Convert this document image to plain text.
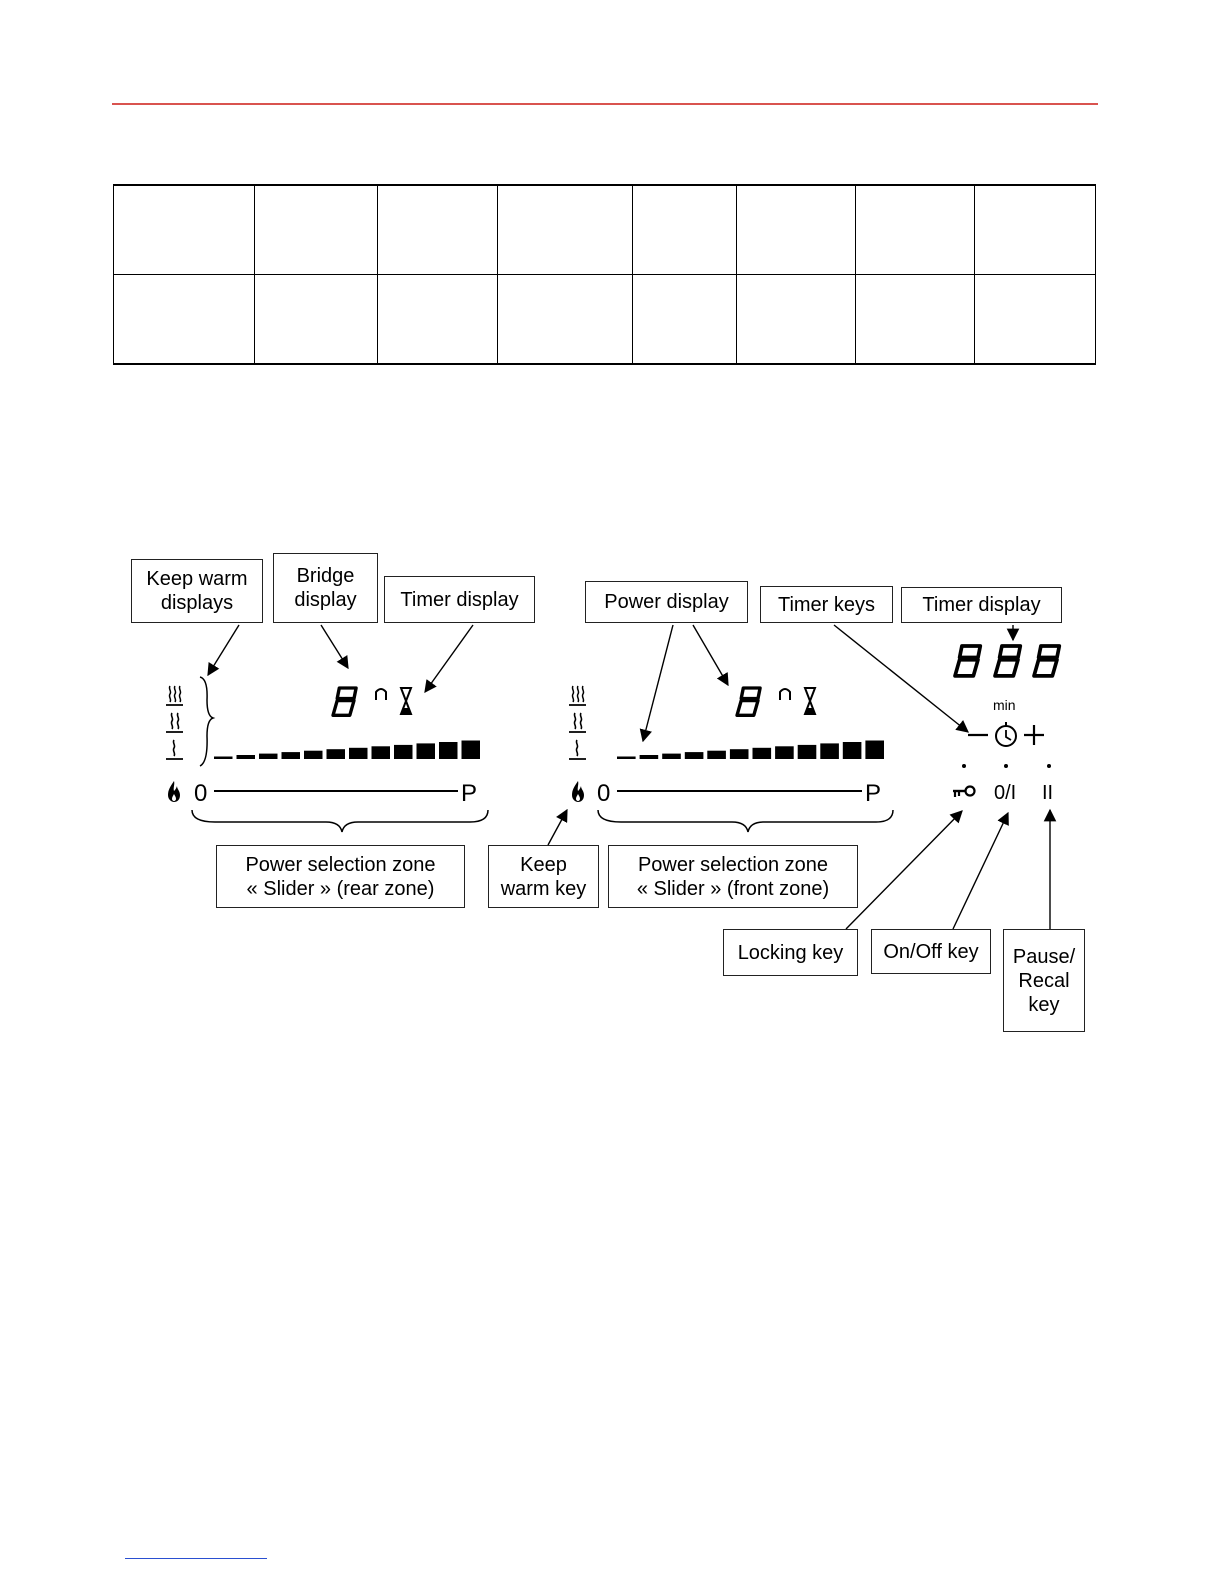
Keep warm
displays
Bridge
display	Timer display	Power display	Timer keys	Timer display
Power selection zone
« Slider » (rear zone)
Keep
warm key
Power selection zone
« Slider » (front zone)
Locking key	On/Off key	Pause/
Recal
key
0	P	0	P
min
0/I II
